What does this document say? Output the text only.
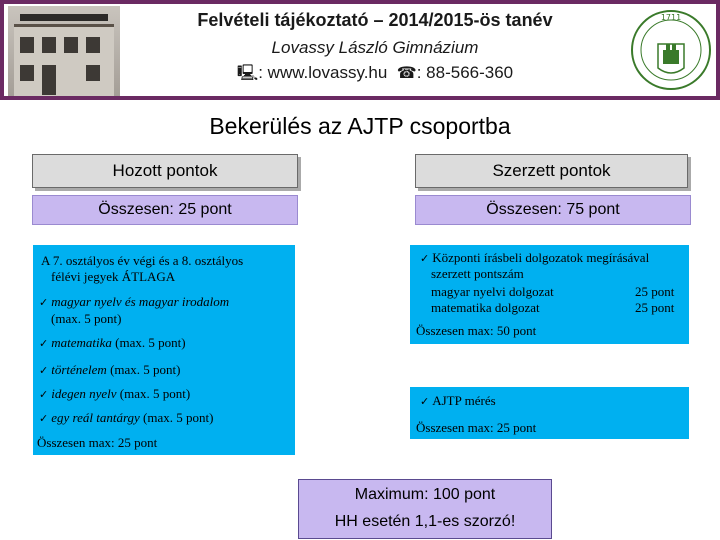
1711
Felvételi tájékoztató – 2014/2015-ös tanév
Lovassy László Gimnázium
🖳: www.lovassy.hu ☎: 88-566-360
Bekerülés az AJTP csoportba
Hozott pontok	Szerzett pontok
Összesen: 25 pont	Összesen: 75 pont
A 7. osztályos év végi és a 8. osztályos
félévi jegyek ÁTLAGA
✓ magyar nyelv és magyar irodalom
(max. 5 pont)
✓ matematika (max. 5 pont)
✓ történelem (max. 5 pont)
✓ idegen nyelv (max. 5 pont)
✓ egy reál tantárgy (max. 5 pont)
Összesen max: 25 pont
✓ Központi írásbeli dolgozatok megírásával
szerzett pontszám
magyar nyelvi dolgozat	25 pont
matematika dolgozat	25 pont
Összesen max: 50 pont
✓ AJTP mérés
Összesen max: 25 pont
Maximum: 100 pont
HH esetén 1,1-es szorzó!
